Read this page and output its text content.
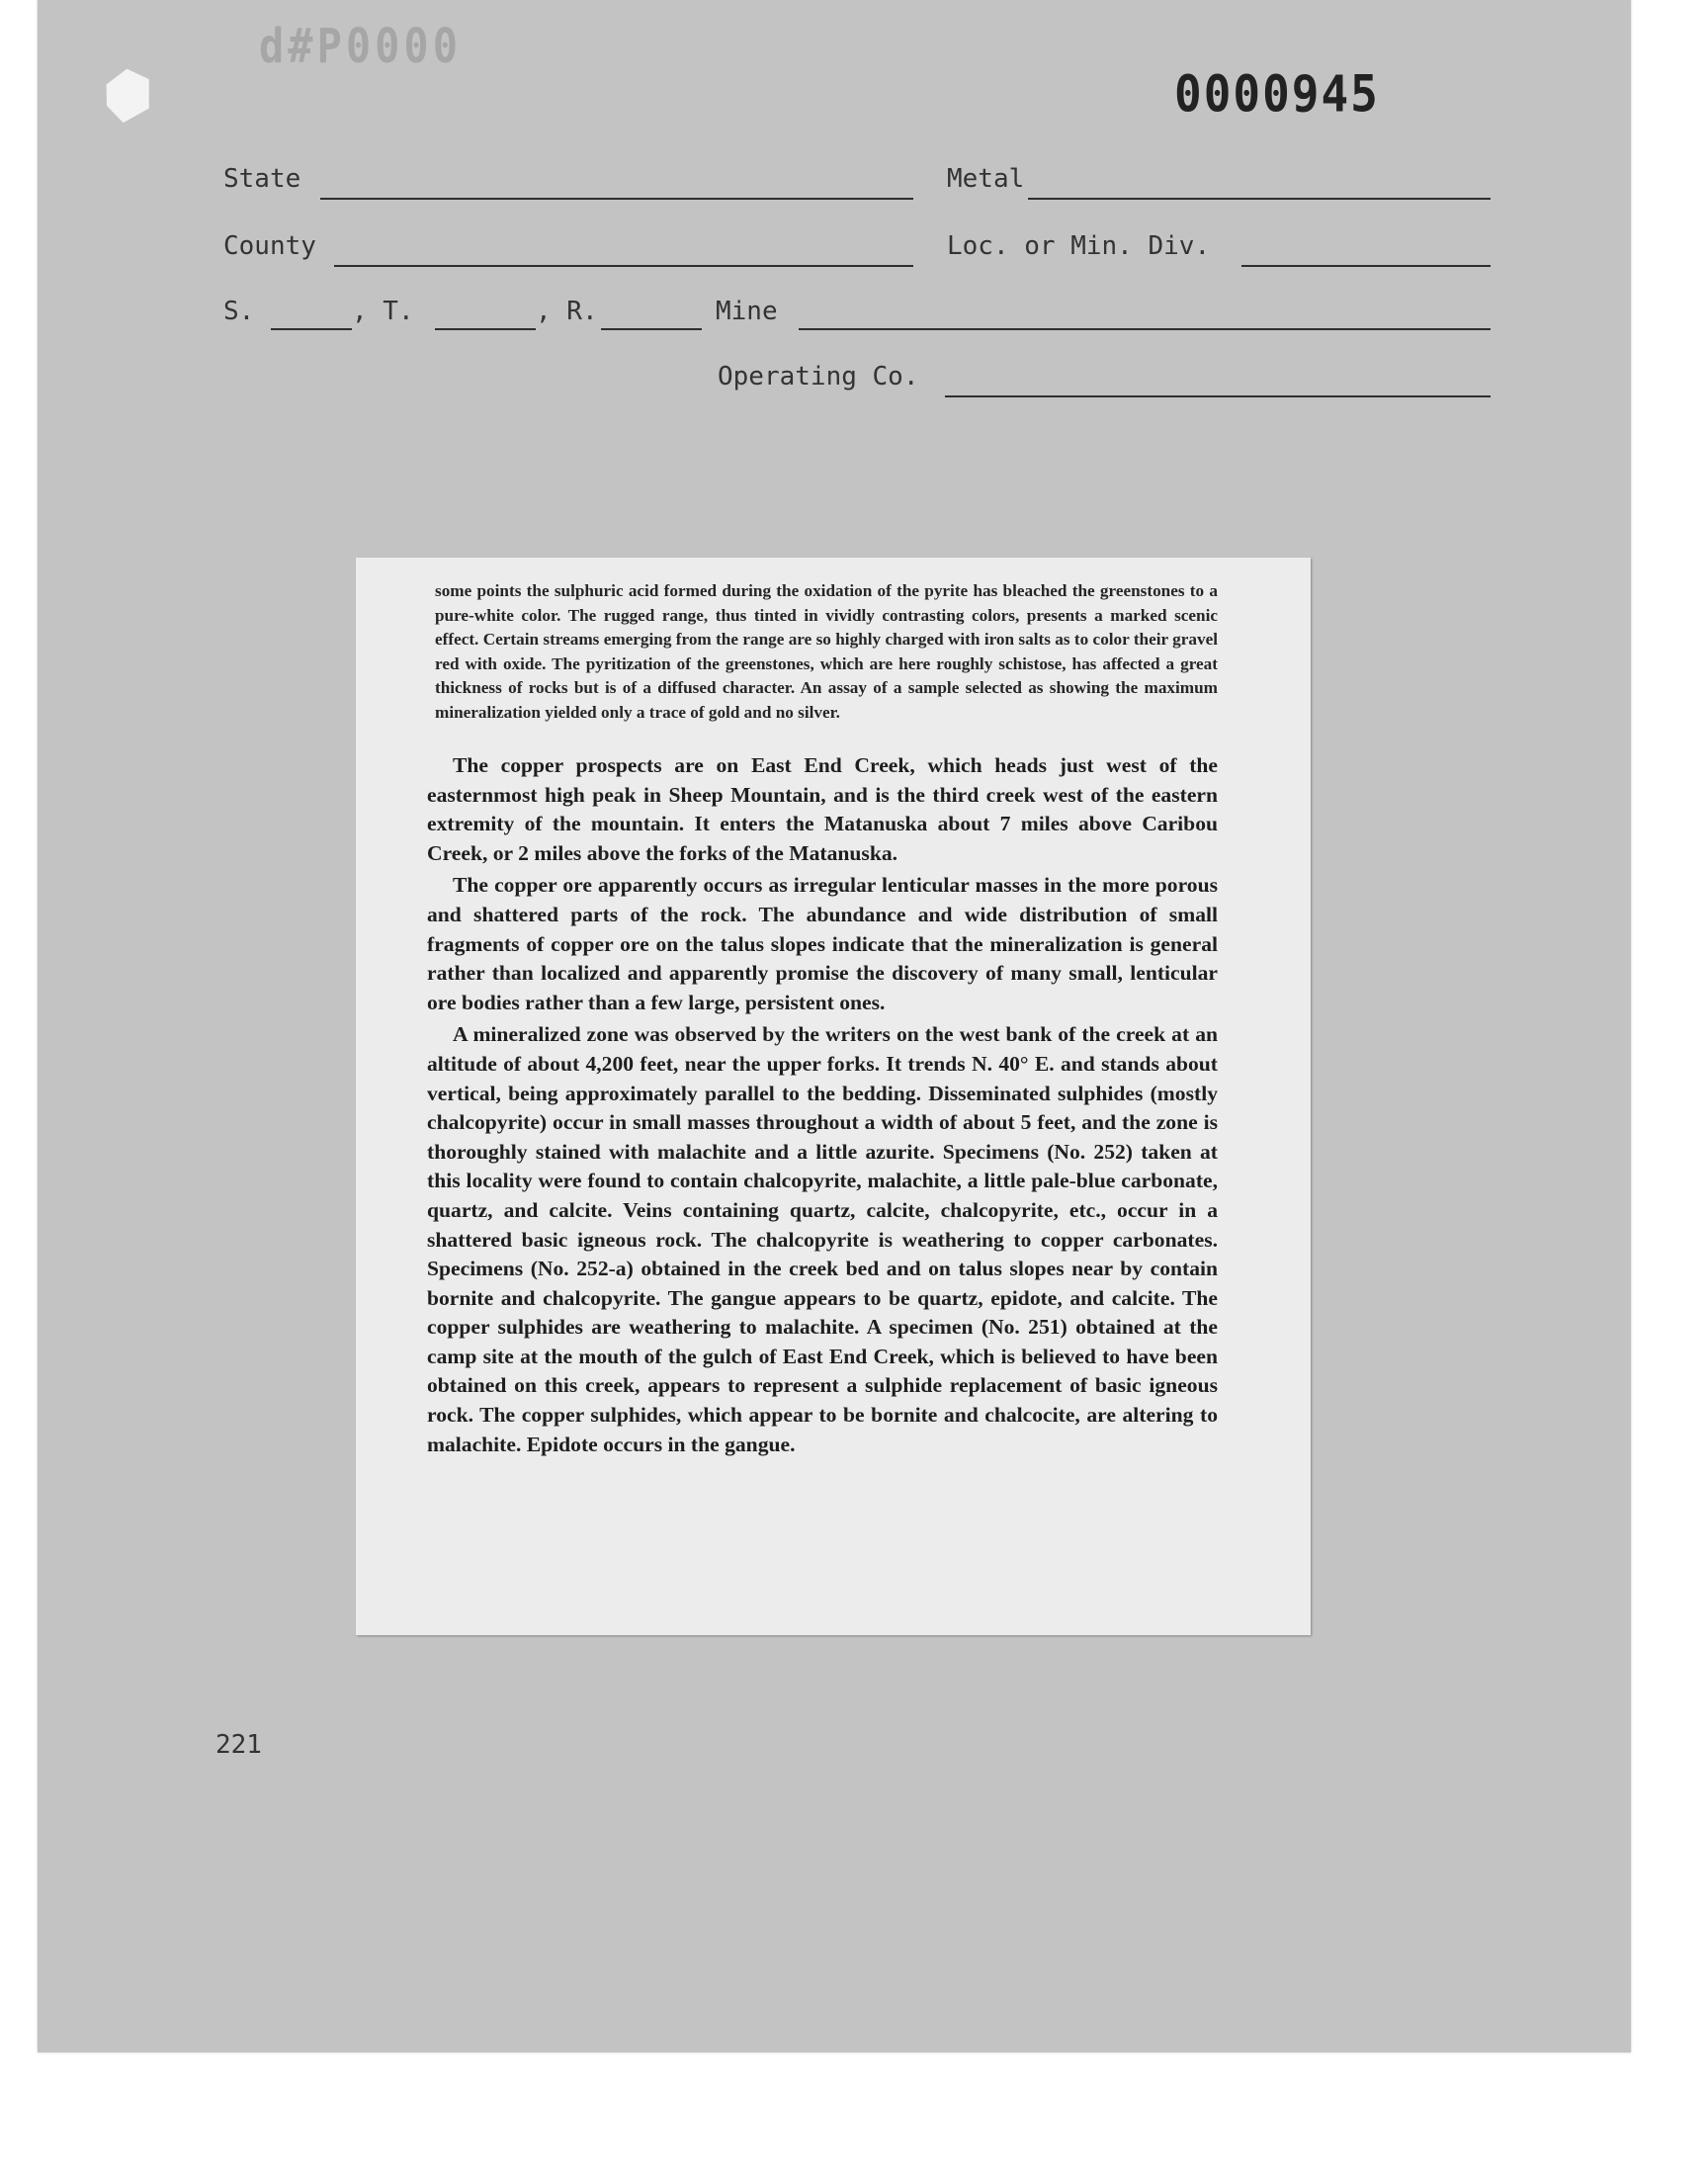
d#P0000
0000945
State	Metal
County	Loc. or Min. Div.
S.	, T.	, R.	Mine
Operating Co.

some points the sulphuric acid formed during the oxidation of the pyrite has bleached the greenstones to a pure-white color. The rugged range, thus tinted in vividly contrasting colors, presents a marked scenic effect. Certain streams emerging from the range are so highly charged with iron salts as to color their gravel red with oxide. The pyritization of the greenstones, which are here roughly schistose, has affected a great thickness of rocks but is of a diffused character. An assay of a sample selected as showing the maximum mineralization yielded only a trace of gold and no silver.

The copper prospects are on East End Creek, which heads just west of the easternmost high peak in Sheep Mountain, and is the third creek west of the eastern extremity of the mountain. It enters the Matanuska about 7 miles above Caribou Creek, or 2 miles above the forks of the Matanuska.

The copper ore apparently occurs as irregular lenticular masses in the more porous and shattered parts of the rock. The abundance and wide distribution of small fragments of copper ore on the talus slopes indicate that the mineralization is general rather than localized and apparently promise the discovery of many small, lenticular ore bodies rather than a few large, persistent ones.

A mineralized zone was observed by the writers on the west bank of the creek at an altitude of about 4,200 feet, near the upper forks. It trends N. 40° E. and stands about vertical, being approximately parallel to the bedding. Disseminated sulphides (mostly chalcopyrite) occur in small masses throughout a width of about 5 feet, and the zone is thoroughly stained with malachite and a little azurite. Specimens (No. 252) taken at this locality were found to contain chalcopyrite, malachite, a little pale-blue carbonate, quartz, and calcite. Veins containing quartz, calcite, chalcopyrite, etc., occur in a shattered basic igneous rock. The chalcopyrite is weathering to copper carbonates. Specimens (No. 252-a) obtained in the creek bed and on talus slopes near by contain bornite and chalcopyrite. The gangue appears to be quartz, epidote, and calcite. The copper sulphides are weathering to malachite. A specimen (No. 251) obtained at the camp site at the mouth of the gulch of East End Creek, which is believed to have been obtained on this creek, appears to represent a sulphide replacement of basic igneous rock. The copper sulphides, which appear to be bornite and chalcocite, are altering to malachite. Epidote occurs in the gangue.

221
